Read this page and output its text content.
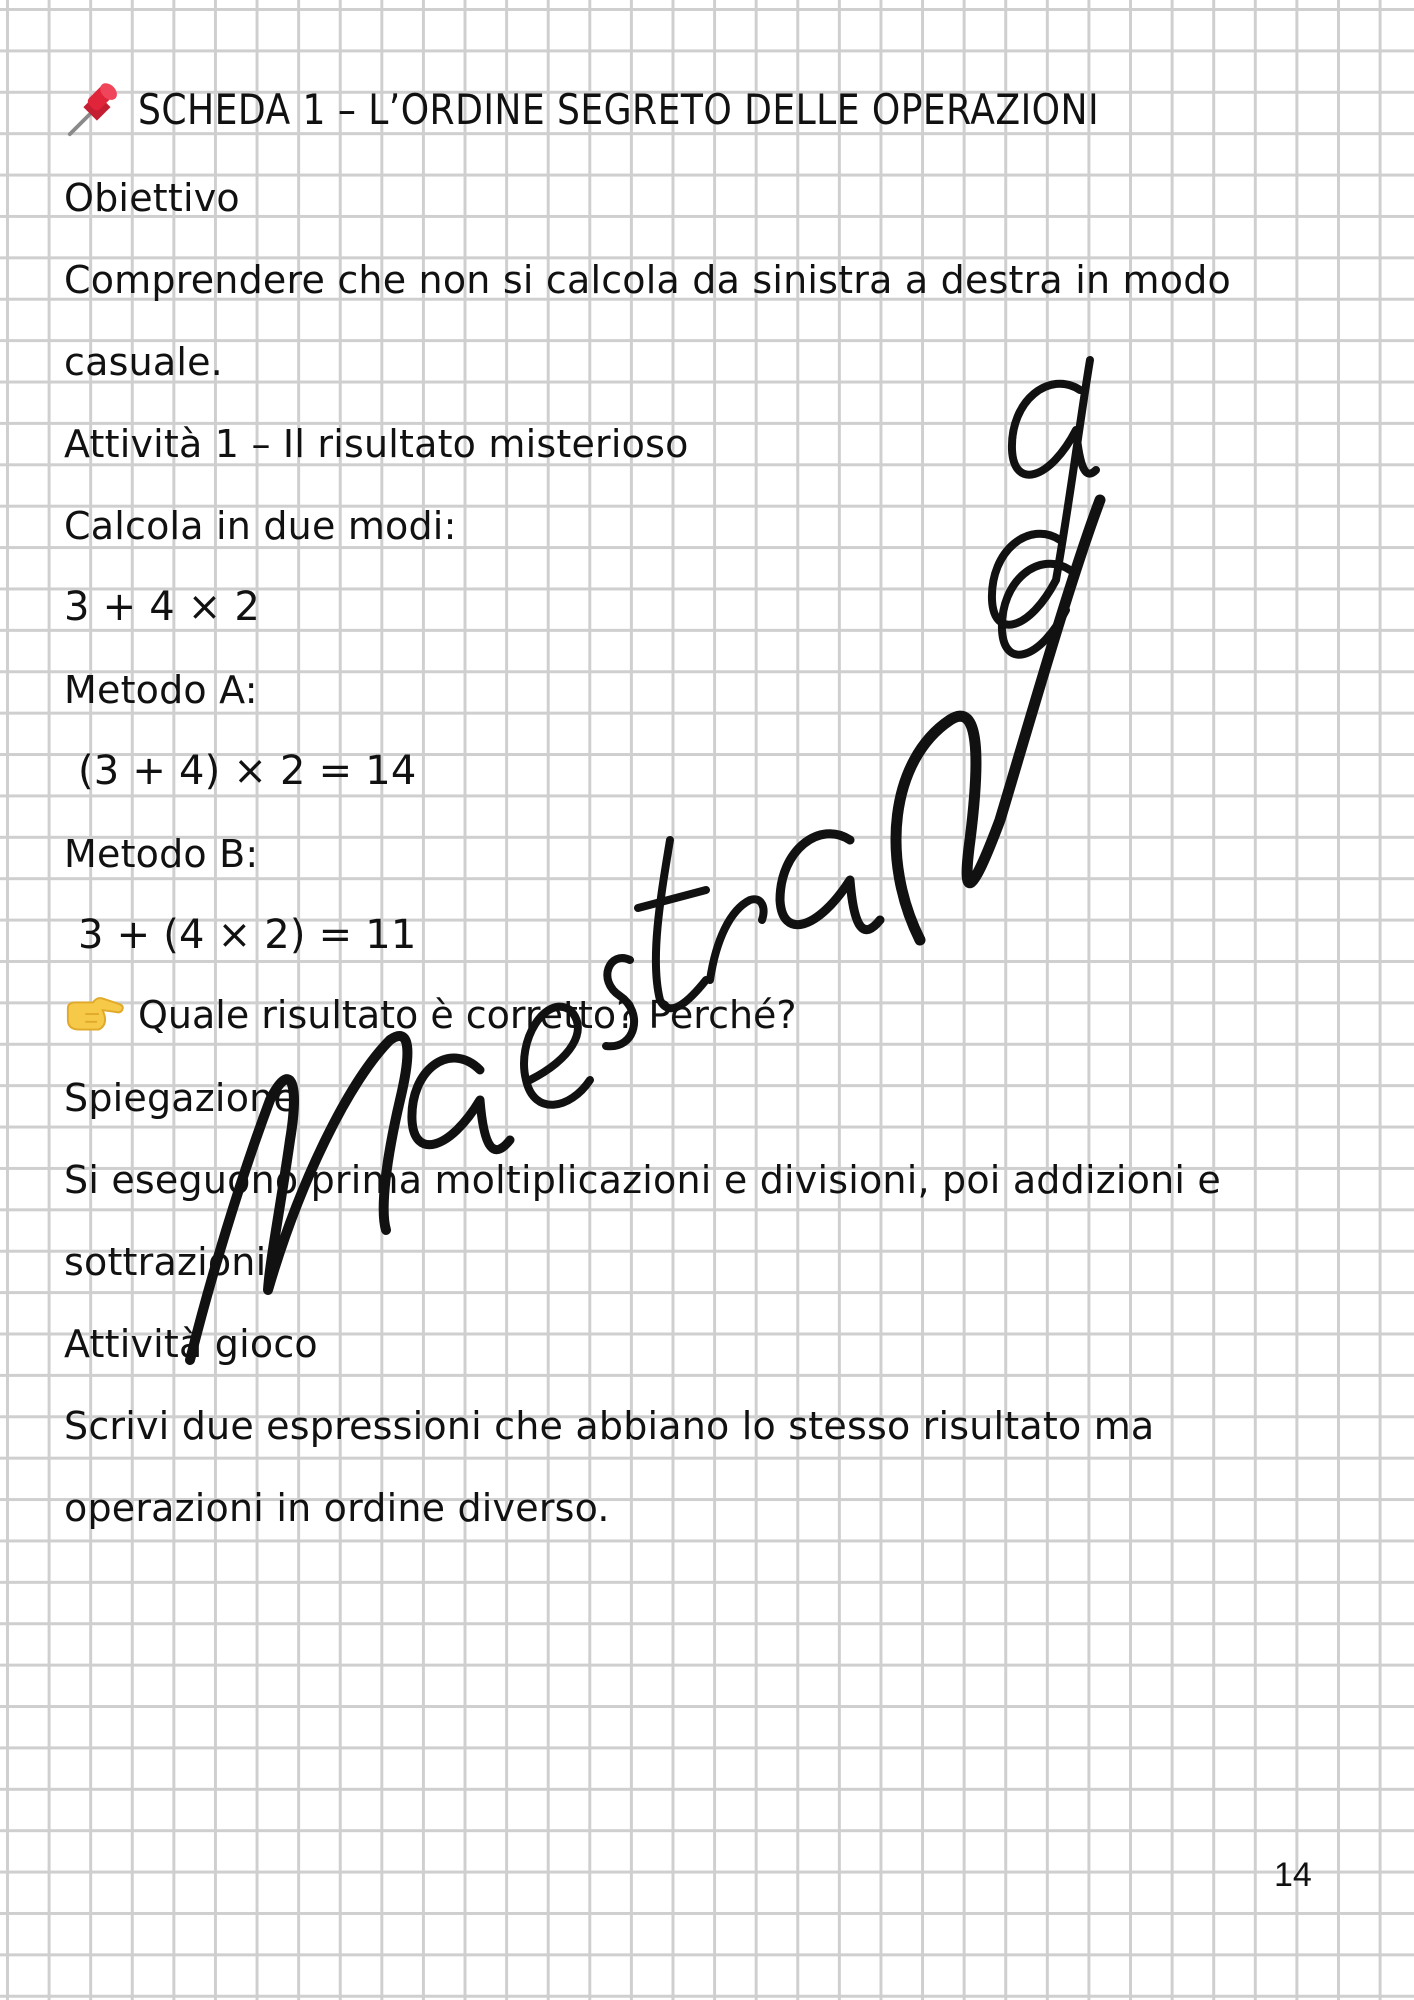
SCHEDA 1 – L’ORDINE SEGRETO DELLE OPERAZIONI
Obiettivo
Comprendere che non si calcola da sinistra a destra in modo
casuale.
Attività 1 – Il risultato misterioso
Calcola in due modi:
3 + 4 × 2
Metodo A:
(3 + 4) × 2 = 14
Metodo B:
3 + (4 × 2) = 11
Quale risultato è corretto? Perché?
Spiegazione
Si eseguono prima moltiplicazioni e divisioni, poi addizioni e
sottrazioni.
Attività gioco
Scrivi due espressioni che abbiano lo stesso risultato ma
operazioni in ordine diverso.
14
